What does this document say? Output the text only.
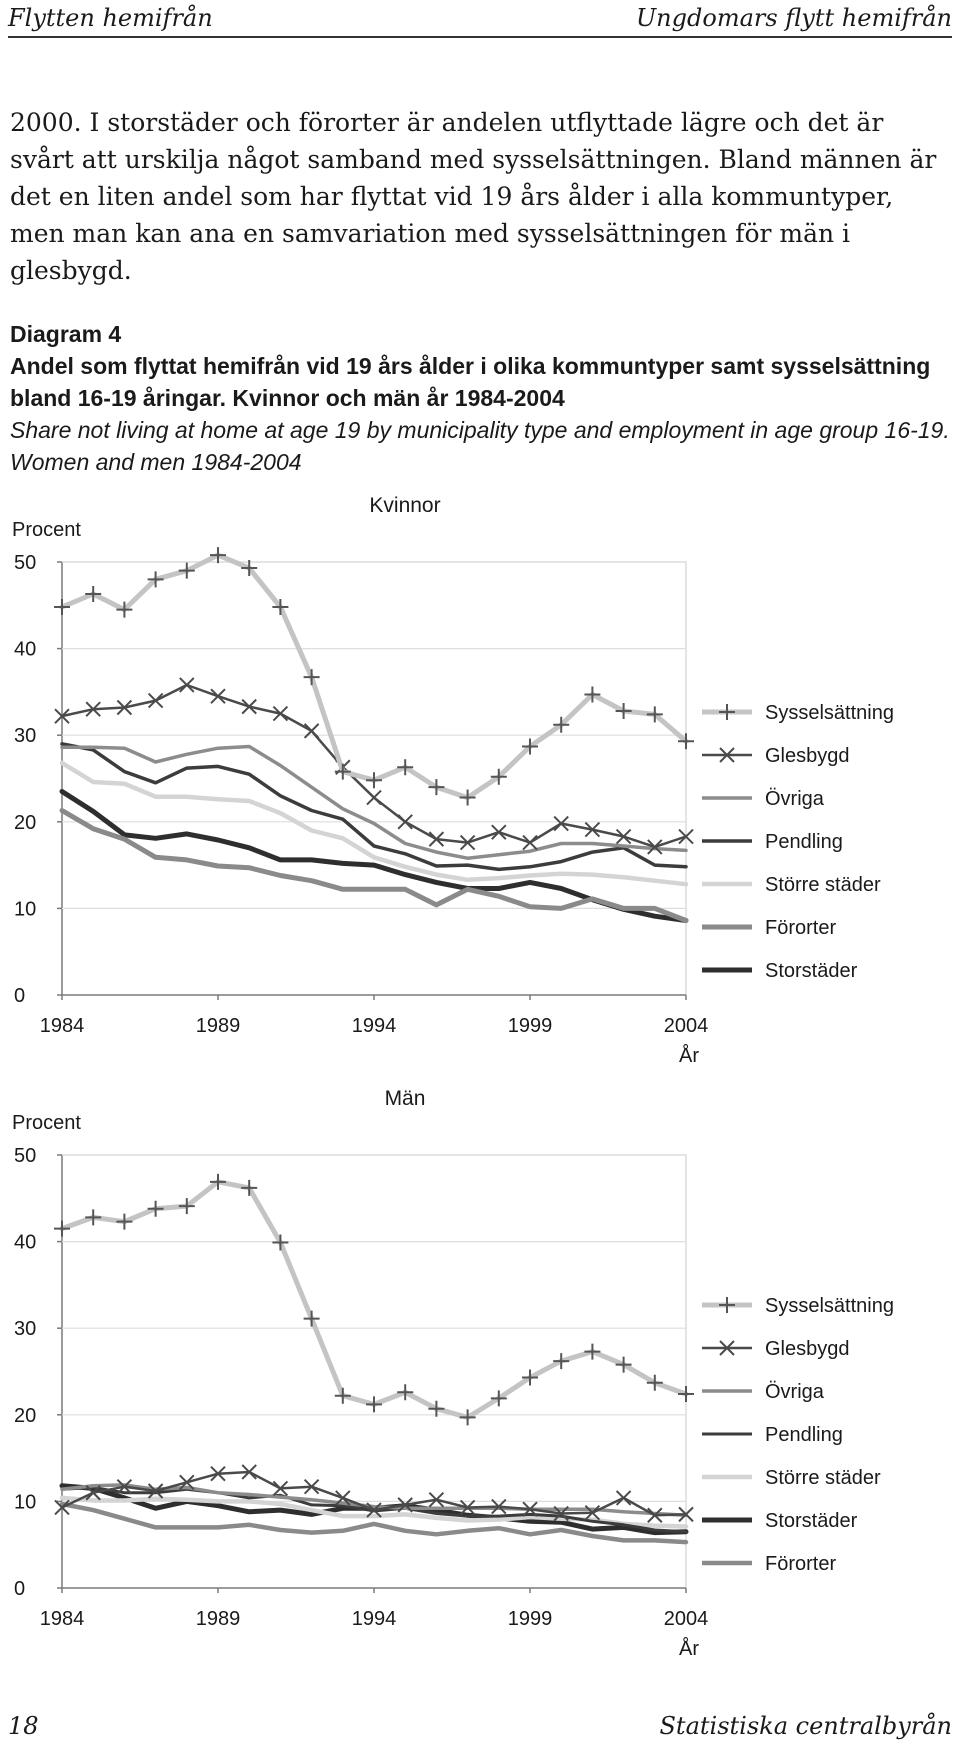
Flytten hemifrån	Ungdomars flytt hemifrån

2000. I storstäder och förorter är andelen utflyttade lägre och det är svårt att urskilja något samband med sysselsättningen. Bland männen är det en liten andel som har flyttat vid 19 års ålder i alla kommuntyper, men man kan ana en samvariation med sysselsättningen för män i glesbygd.

Diagram 4
Andel som flyttat hemifrån vid 19 års ålder i olika kommuntyper samt sysselsättning bland 16-19 åringar. Kvinnor och män år 1984-2004
Share not living at home at age 19 by municipality type and employment in age group 16-19. Women and men 1984-2004
Kvinnor
Procent
0
10
20
30
40
50
1984	1989	1994	1999	2004
År
Sysselsättning
Glesbygd
Övriga
Pendling
Större städer
Förorter
Storstäder
Män
Procent
0
10
20
30
40
50
1984	1989	1994	1999	2004
År
Sysselsättning
Glesbygd
Övriga
Pendling
Större städer
Storstäder
Förorter
18	Statistiska centralbyrån
